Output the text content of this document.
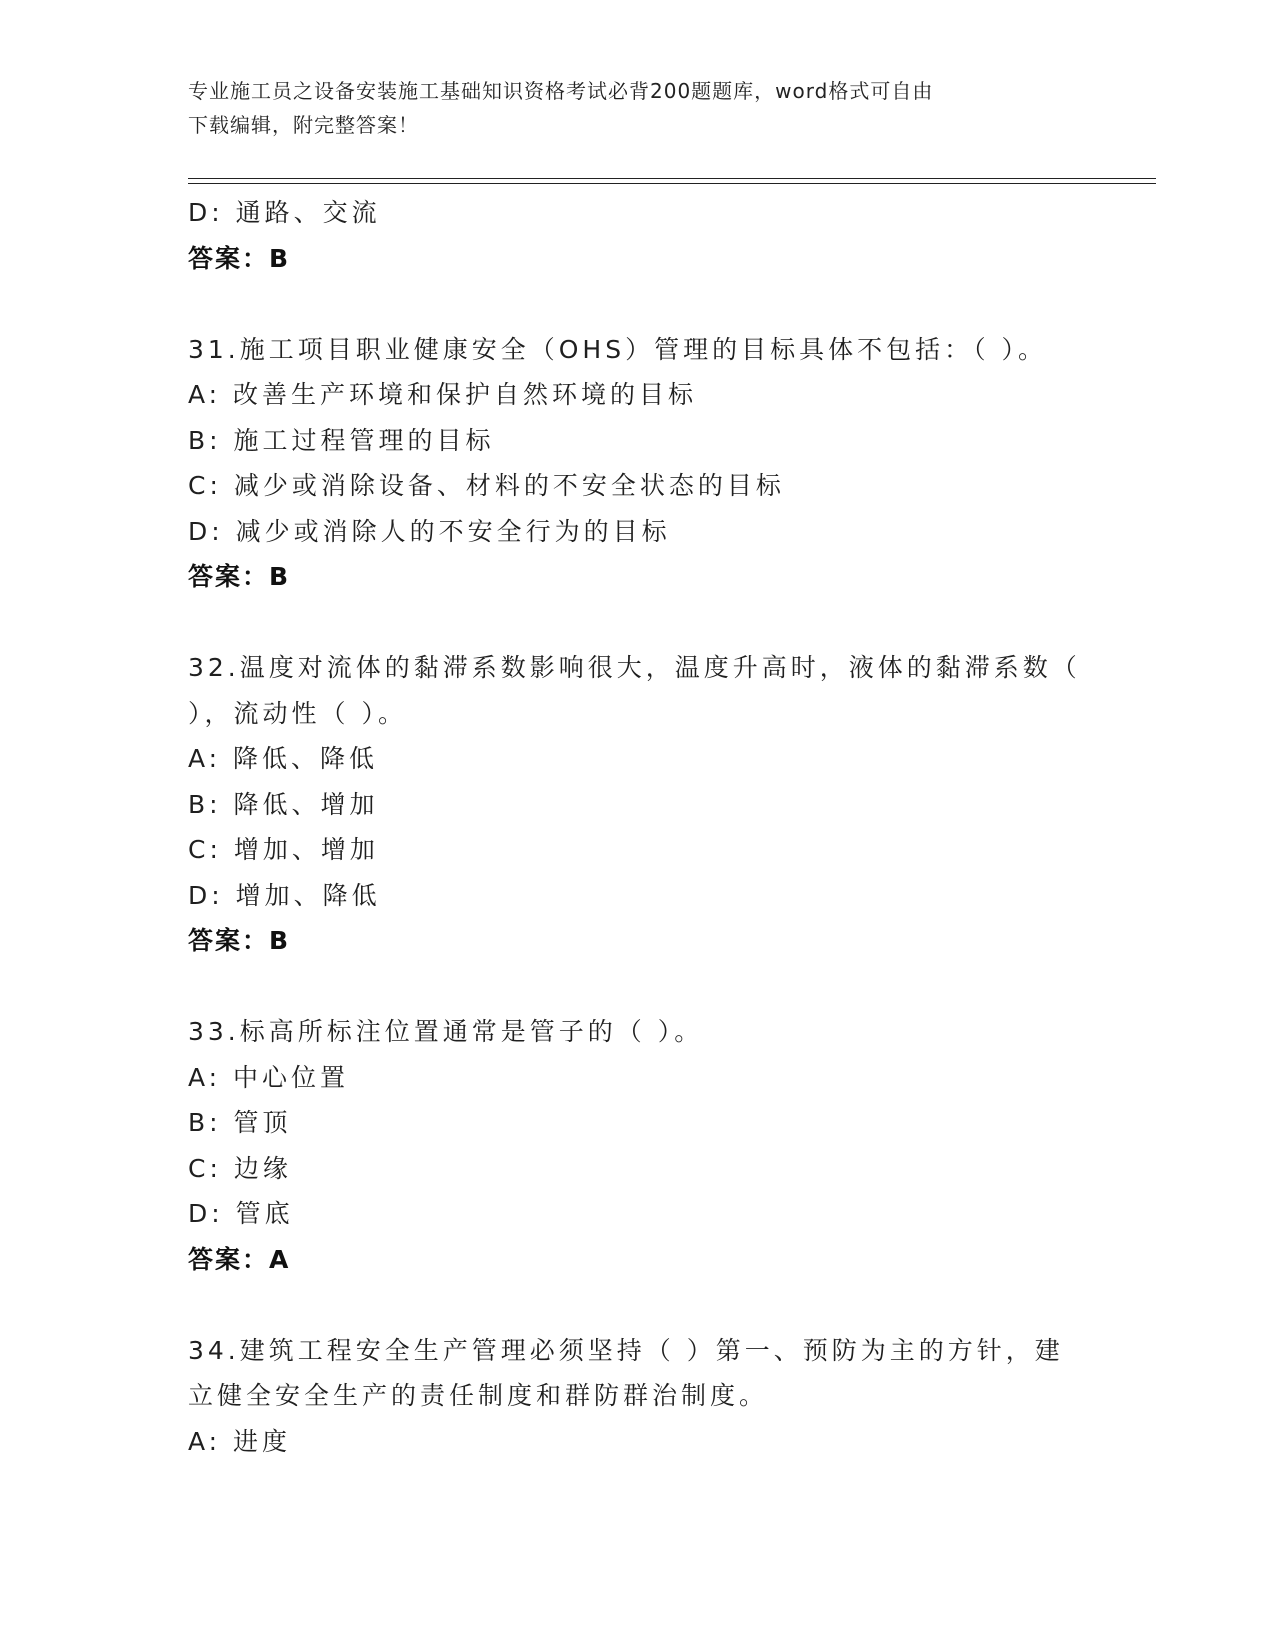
专业施工员之设备安装施工基础知识资格考试必背200题题库，word格式可自由
下载编辑，附完整答案！
D: 通路、交流
答案：B
31.施工项目职业健康安全（OHS）管理的目标具体不包括：（ ）。
A: 改善生产环境和保护自然环境的目标
B: 施工过程管理的目标
C: 减少或消除设备、材料的不安全状态的目标
D: 减少或消除人的不安全行为的目标
答案：B
32.温度对流体的黏滞系数影响很大，温度升高时，液体的黏滞系数（
），流动性（ ）。
A: 降低、降低
B: 降低、增加
C: 增加、增加
D: 增加、降低
答案：B
33.标高所标注位置通常是管子的（ ）。
A: 中心位置
B: 管顶
C: 边缘
D: 管底
答案：A
34.建筑工程安全生产管理必须坚持（ ）第一、预防为主的方针，建
立健全安全生产的责任制度和群防群治制度。
A: 进度
